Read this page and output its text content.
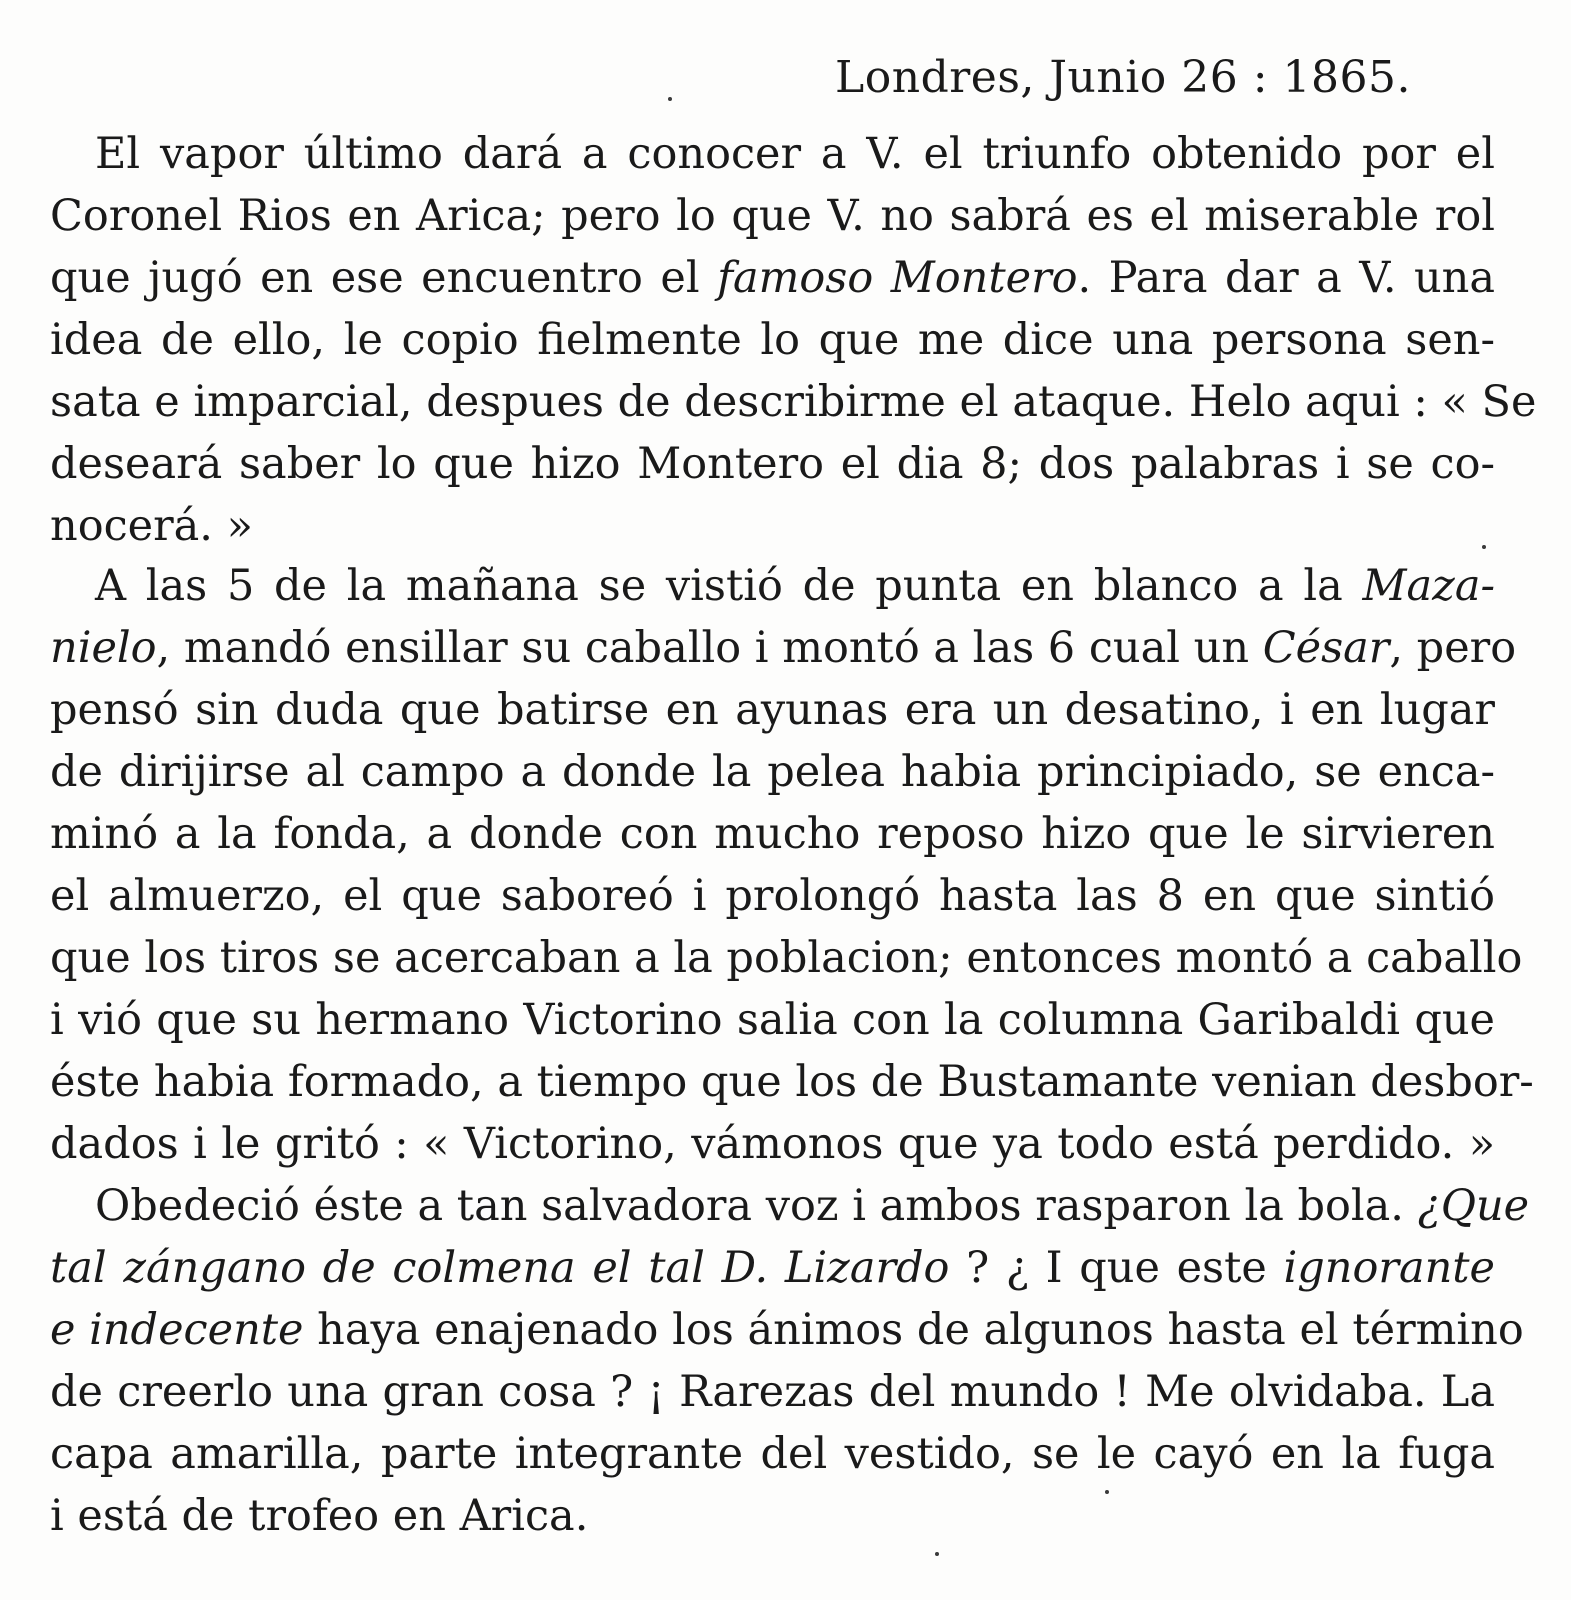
Londres, Junio 26 : 1865.
El vapor último dará a conocer a V. el triunfo obtenido por el
Coronel Rios en Arica; pero lo que V. no sabrá es el miserable rol
que jugó en ese encuentro el famoso Montero. Para dar a V. una
idea de ello, le copio fielmente lo que me dice una persona sen-
sata e imparcial, despues de describirme el ataque. Helo aqui : « Se
deseará saber lo que hizo Montero el dia 8; dos palabras i se co-
nocerá. »
A las 5 de la mañana se vistió de punta en blanco a la Maza-
nielo, mandó ensillar su caballo i montó a las 6 cual un César, pero
pensó sin duda que batirse en ayunas era un desatino, i en lugar
de dirijirse al campo a donde la pelea habia principiado, se enca-
minó a la fonda, a donde con mucho reposo hizo que le sirvieren
el almuerzo, el que saboreó i prolongó hasta las 8 en que sintió
que los tiros se acercaban a la poblacion; entonces montó a caballo
i vió que su hermano Victorino salia con la columna Garibaldi que
éste habia formado, a tiempo que los de Bustamante venian desbor-
dados i le gritó : « Victorino, vámonos que ya todo está perdido. »
Obedeció éste a tan salvadora voz i ambos rasparon la bola. ¿Que
tal zángano de colmena el tal D. Lizardo ? ¿ I que este ignorante
e indecente haya enajenado los ánimos de algunos hasta el término
de creerlo una gran cosa ? ¡ Rarezas del mundo ! Me olvidaba. La
capa amarilla, parte integrante del vestido, se le cayó en la fuga
i está de trofeo en Arica.
